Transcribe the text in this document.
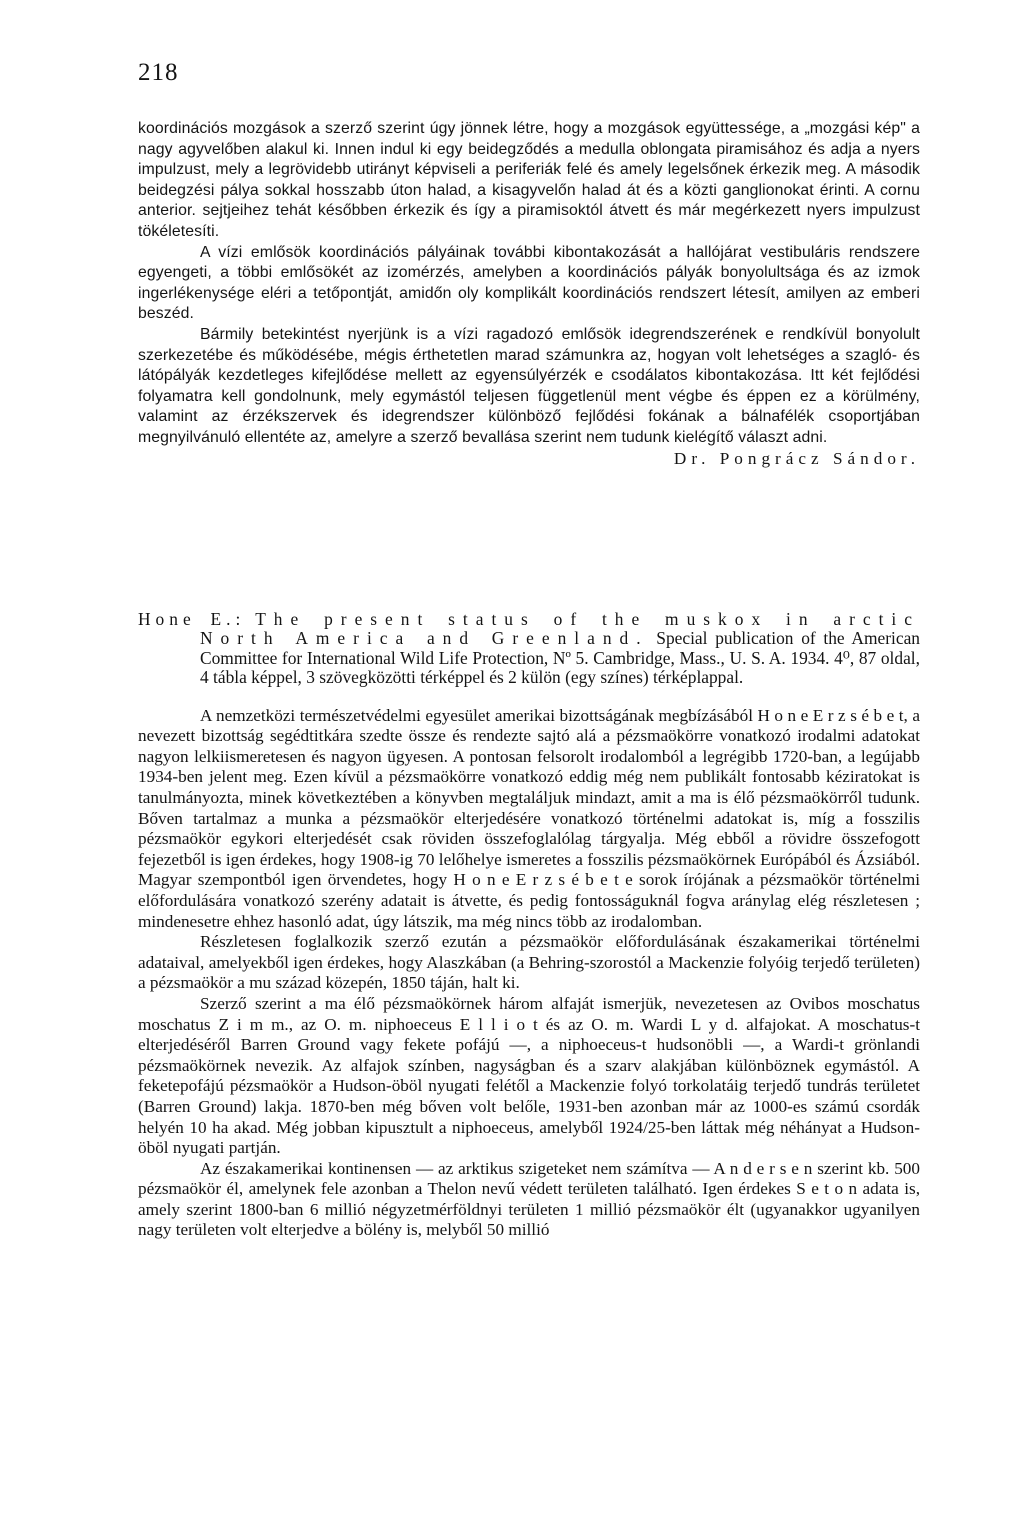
218

koordinációs mozgások a szerző szerint úgy jönnek létre, hogy a mozgások együttessége, a „mozgási kép" a nagy agyvelőben alakul ki. Innen indul ki egy beidegződés a medulla oblongata piramisához és adja a nyers impulzust, mely a legrövidebb utirányt képviseli a periferiák felé és amely legelsőnek érkezik meg. A második beidegzési pálya sokkal hosszabb úton halad, a kisagyvelőn halad át és a közti ganglionokat érinti. A cornu anterior. sejtjeihez tehát későbben érkezik és így a piramisoktól átvett és már megérkezett nyers impulzust tökéletesíti.

A vízi emlősök koordinációs pályáinak további kibontakozását a hallójárat vestibuláris rendszere egyengeti, a többi emlősökét az izomérzés, amelyben a koordinációs pályák bonyolultsága és az izmok ingerlékenysége eléri a tetőpontját, amidőn oly komplikált koordinációs rendszert létesít, amilyen az emberi beszéd.

Bármily betekintést nyerjünk is a vízi ragadozó emlősök idegrendszerének e rendkívül bonyolult szerkezetébe és működésébe, mégis érthetetlen marad számunkra az, hogyan volt lehetséges a szagló- és látópályák kezdetleges kifejlődése mellett az egyensúlyérzék e csodálatos kibontakozása. Itt két fejlődési folyamatra kell gondolnunk, mely egymástól teljesen függetlenül ment végbe és éppen ez a körülmény, valamint az érzékszervek és idegrendszer különböző fejlődési fokának a bálnafélék csoportjában megnyilvánuló ellentéte az, amelyre a szerző bevallása szerint nem tudunk kielégítő választ adni.

Dr. Pongrácz Sándor.

Hone E.: The present status of the muskox in arctic North America and Greenland. Special publication of the American Committee for International Wild Life Protection, Nº 5. Cambridge, Mass., U. S. A. 1934. 4⁰, 87 oldal, 4 tábla képpel, 3 szövegközötti térképpel és 2 külön (egy színes) térképlappal.

A nemzetközi természetvédelmi egyesület amerikai bizottságának megbízásából H o n e E r z s é b e t, a nevezett bizottság segédtitkára szedte össze és rendezte sajtó alá a pézsmaökörre vonatkozó irodalmi adatokat nagyon lelkiismeretesen és nagyon ügyesen. A pontosan felsorolt irodalomból a legrégibb 1720-ban, a legújabb 1934-ben jelent meg. Ezen kívül a pézsmaökörre vonatkozó eddig még nem publikált fontosabb kéziratokat is tanulmányozta, minek következtében a könyvben megtaláljuk mindazt, amit a ma is élő pézsmaökörről tudunk. Bőven tartalmaz a munka a pézsmaökör elterjedésére vonatkozó történelmi adatokat is, míg a fosszilis pézsmaökör egykori elterjedését csak röviden összefoglalólag tárgyalja. Még ebből a rövidre összefogott fejezetből is igen érdekes, hogy 1908-ig 70 lelőhelye ismeretes a fosszilis pézsmaökörnek Európából és Ázsiából. Magyar szempontból igen örvendetes, hogy H o n e E r z s é b e t e sorok írójának a pézsmaökör történelmi előfordulására vonatkozó szerény adatait is átvette, és pedig fontosságuknál fogva aránylag elég részletesen ; mindenesetre ehhez hasonló adat, úgy látszik, ma még nincs több az irodalomban.

Részletesen foglalkozik szerző ezután a pézsmaökör előfordulásának északamerikai történelmi adataival, amelyekből igen érdekes, hogy Alaszkában (a Behring-szorostól a Mackenzie folyóig terjedő területen) a pézsmaökör a mu század közepén, 1850 táján, halt ki.

Szerző szerint a ma élő pézsmaökörnek három alfaját ismerjük, nevezetesen az Ovibos moschatus moschatus Z i m m., az O. m. niphoeceus E l l i o t és az O. m. Wardi L y d. alfajokat. A moschatus-t elterjedéséről Barren Ground vagy fekete pofájú —, a niphoeceus-t hudsonöbli —, a Wardi-t grönlandi pézsmaökörnek nevezik. Az alfajok színben, nagyságban és a szarv alakjában különböznek egymástól. A feketepofájú pézsmaökör a Hudson-öböl nyugati felétől a Mackenzie folyó torkolatáig terjedő tundrás területet (Barren Ground) lakja. 1870-ben még bőven volt belőle, 1931-ben azonban már az 1000-es számú csordák helyén 10 ha akad. Még jobban kipusztult a niphoeceus, amelyből 1924/25-ben láttak még néhányat a Hudson-öböl nyugati partján.

Az északamerikai kontinensen — az arktikus szigeteket nem számítva — A n d e r s e n szerint kb. 500 pézsmaökör él, amelynek fele azonban a Thelon nevű védett területen található. Igen érdekes S e t o n adata is, amely szerint 1800-ban 6 millió négyzetmérföldnyi területen 1 millió pézsmaökör élt (ugyanakkor ugyanilyen nagy területen volt elterjedve a bölény is, melyből 50 millió
